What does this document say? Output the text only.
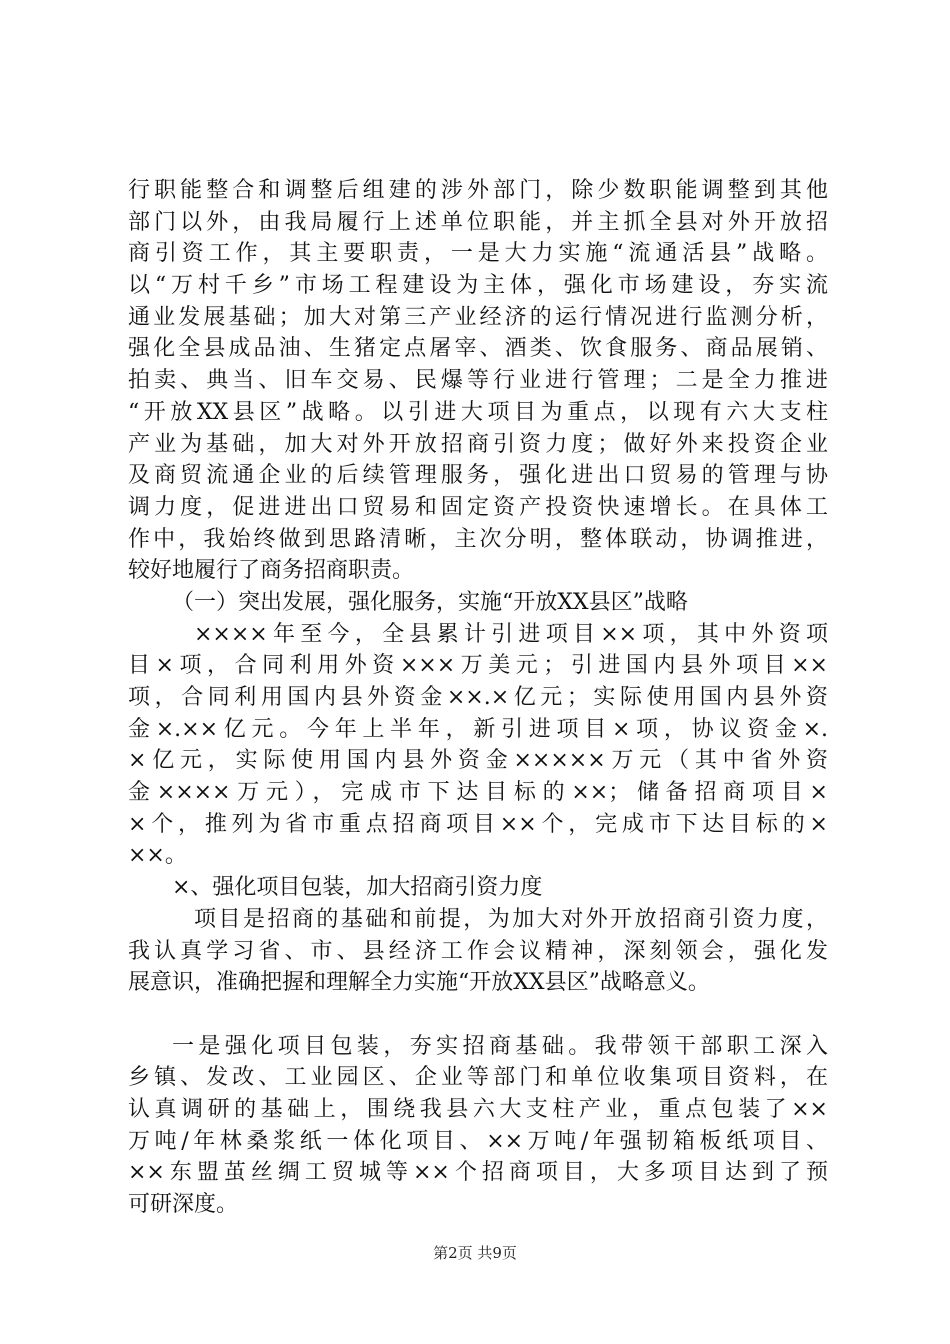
行职能整合和调整后组建的涉外部门，除少数职能调整到其他
部门以外，由我局履行上述单位职能，并主抓全县对外开放招
商引资工作，其主要职责，一是大力实施“流通活县”战略。
以“万村千乡”市场工程建设为主体，强化市场建设，夯实流
通业发展基础；加大对第三产业经济的运行情况进行监测分析，
强化全县成品油、生猪定点屠宰、酒类、饮食服务、商品展销、
拍卖、典当、旧车交易、民爆等行业进行管理；二是全力推进
“开放XX县区”战略。以引进大项目为重点，以现有六大支柱
产业为基础，加大对外开放招商引资力度；做好外来投资企业
及商贸流通企业的后续管理服务，强化进出口贸易的管理与协
调力度，促进进出口贸易和固定资产投资快速增长。在具体工
作中，我始终做到思路清晰，主次分明，整体联动，协调推进，
较好地履行了商务招商职责。
（一）突出发展，强化服务，实施“开放XX县区”战略
××××年至今，全县累计引进项目××项，其中外资项
目×项，合同利用外资×××万美元；引进国内县外项目××
项，合同利用国内县外资金××.×亿元；实际使用国内县外资
金×.××亿元。今年上半年，新引进项目×项，协议资金×.
×亿元，实际使用国内县外资金×××××万元（其中省外资
金××××万元），完成市下达目标的××；储备招商项目×
×个，推列为省市重点招商项目××个，完成市下达目标的×
××。
×、强化项目包装，加大招商引资力度
项目是招商的基础和前提，为加大对外开放招商引资力度，
我认真学习省、市、县经济工作会议精神，深刻领会，强化发
展意识，准确把握和理解全力实施“开放XX县区”战略意义。
一是强化项目包装，夯实招商基础。我带领干部职工深入
乡镇、发改、工业园区、企业等部门和单位收集项目资料，在
认真调研的基础上，围绕我县六大支柱产业，重点包装了××
万吨/年林桑浆纸一体化项目、××万吨/年强韧箱板纸项目、
××东盟茧丝绸工贸城等××个招商项目，大多项目达到了预
可研深度。
第2页 共9页
